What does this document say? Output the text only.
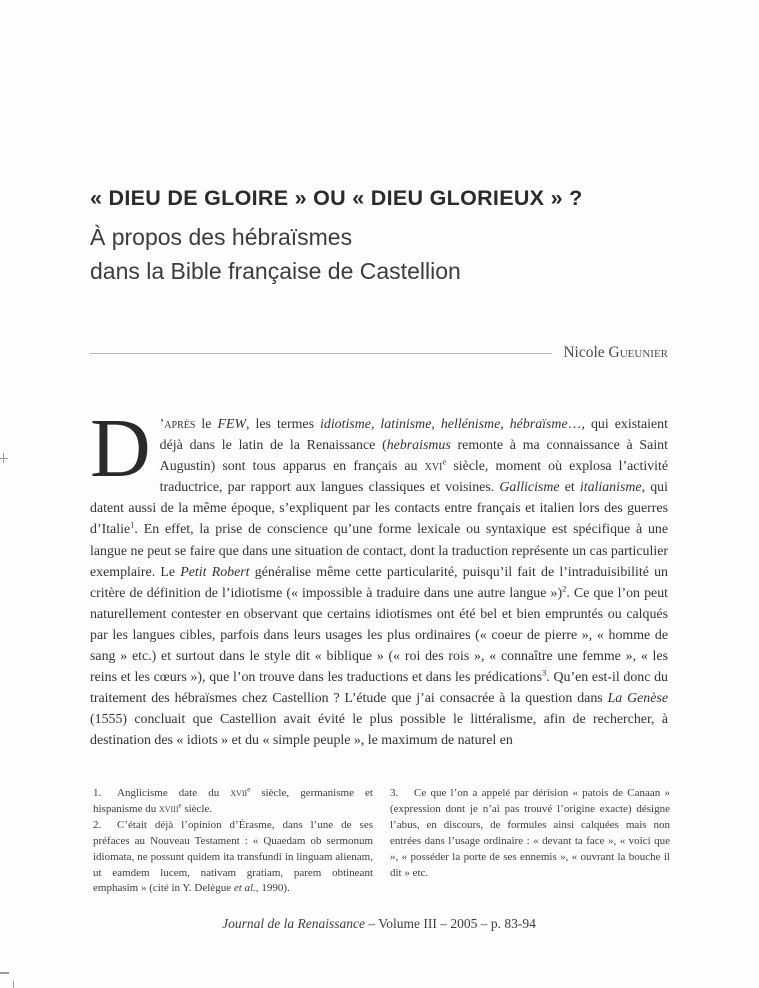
« DIEU DE GLOIRE » OU « DIEU GLORIEUX » ?
À propos des hébraïsmes
dans la Bible française de Castellion
Nicole Gueunier

D ’après le FEW, les termes idiotisme, latinisme, hellénisme, hébraïsme…, qui existaient déjà dans le latin de la Renaissance (hebraismus remonte à ma connaissance à Saint Augustin) sont tous apparus en français au xvi$^e$ siècle, moment où explosa l’activité traductrice, par rapport aux langues classiques et voisines. Gallicisme et italianisme, qui datent aussi de la même époque, s’expliquent par les contacts entre français et italien lors des guerres d’Italie$^1$. En effet, la prise de conscience qu’une forme lexicale ou syntaxique est spécifique à une langue ne peut se faire que dans une situation de contact, dont la traduction représente un cas particulier exemplaire. Le Petit Robert généralise même cette particularité, puisqu’il fait de l’intraduisibilité un critère de définition de l’idiotisme (« impossible à traduire dans une autre langue »)$^2$. Ce que l’on peut naturellement contester en observant que certains idiotismes ont été bel et bien empruntés ou calqués par les langues cibles, parfois dans leurs usages les plus ordinaires (« coeur de pierre », « homme de sang » etc.) et surtout dans le style dit « biblique » (« roi des rois », « connaître une femme », « les reins et les cœurs »), que l’on trouve dans les traductions et dans les prédications$^3$. Qu’en est-il donc du traitement des hébraïsmes chez Castellion ? L’étude que j’ai consacrée à la question dans La Genèse (1555) concluait que Castellion avait évité le plus possible le littéralisme, afin de rechercher, à destination des « idiots » et du « simple peuple », le maximum de naturel en

1. Anglicisme date du xvii$^e$ siècle, germanisme et hispanisme du xviii$^e$ siècle.

2. C’était déjà l’opinion d’Érasme, dans l’une de ses préfaces au Nouveau Testament : « Quaedam ob sermonum idiomata, ne possunt quidem ita transfundi in linguam alienam, ut eamdem lucem, nativam gratiam, parem obtineant emphasim » (cité in Y. Delègue et al., 1990).

3. Ce que l’on a appelé par dérision « patois de Canaan » (expression dont je n’ai pas trouvé l’origine exacte) désigne l’abus, en discours, de formules ainsi calquées mais non entrées dans l’usage ordinaire : « devant ta face », « voici que », « posséder la porte de ses ennemis », « ouvrant la bouche il dit » etc.

Journal de la Renaissance – Volume III – 2005 – p. 83-94
